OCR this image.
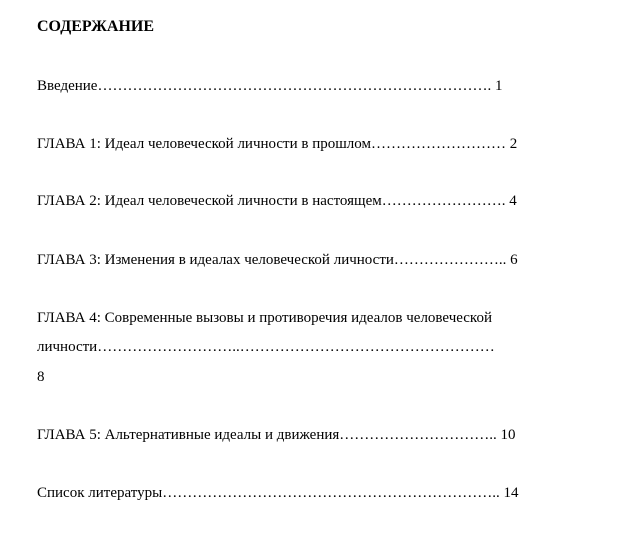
СОДЕРЖАНИЕ

Введение……………………………………………………………………. 1

ГЛАВА 1: Идеал человеческой личности в прошлом……………………… 2

ГЛАВА 2: Идеал человеческой личности в настоящем……………………. 4

ГЛАВА 3: Изменения в идеалах человеческой личности………………….. 6

ГЛАВА 4: Современные вызовы и противоречия идеалов человеческой

личности………………………..……………………………………………

8

ГЛАВА 5: Альтернативные идеалы и движения………………………….. 10

Список литературы………………………………………………………….. 14
